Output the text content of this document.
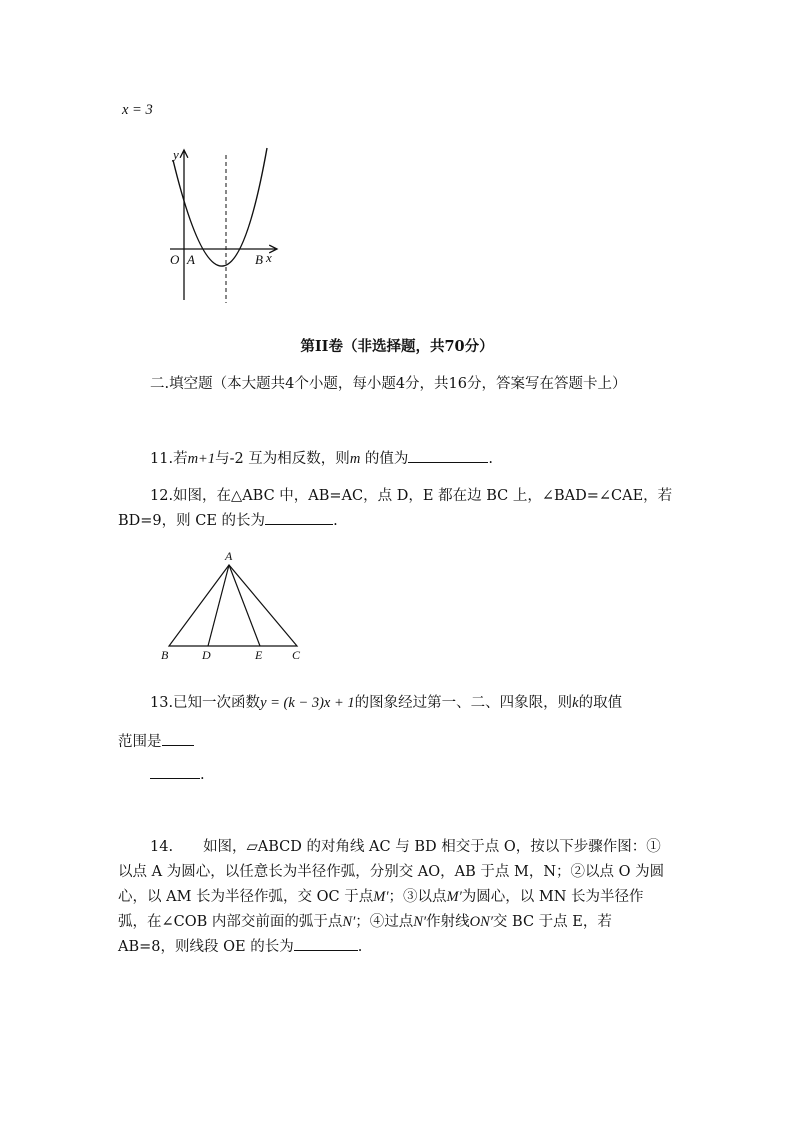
x = 3
y
x
O A	B
第II卷（非选择题，共70分）
二.填空题（本大题共4个小题，每小题4分，共16分，答案写在答题卡上）
11.若m+1与-2 互为相反数，则m 的值为	.
12.如图，在△ABC 中，AB=AC，点 D，E 都在边 BC 上，∠BAD=∠CAE，若
BD=9，则 CE 的长为	.
A
B	D	E C
13.已知一次函数y = (k − 3)x + 1的图象经过第一、二、四象限，则k的取值
范围是
.
14. 如图，▱ABCD 的对角线 AC 与 BD 相交于点 O，按以下步骤作图：①
以点 A 为圆心，以任意长为半径作弧，分别交 AO，AB 于点 M，N；②以点 O 为圆
心，以 AM 长为半径作弧，交 OC 于点M′；③以点M′为圆心，以 MN 长为半径作
弧，在∠COB 内部交前面的弧于点N′；④过点N′作射线ON′交 BC 于点 E，若
AB=8，则线段 OE 的长为	.
